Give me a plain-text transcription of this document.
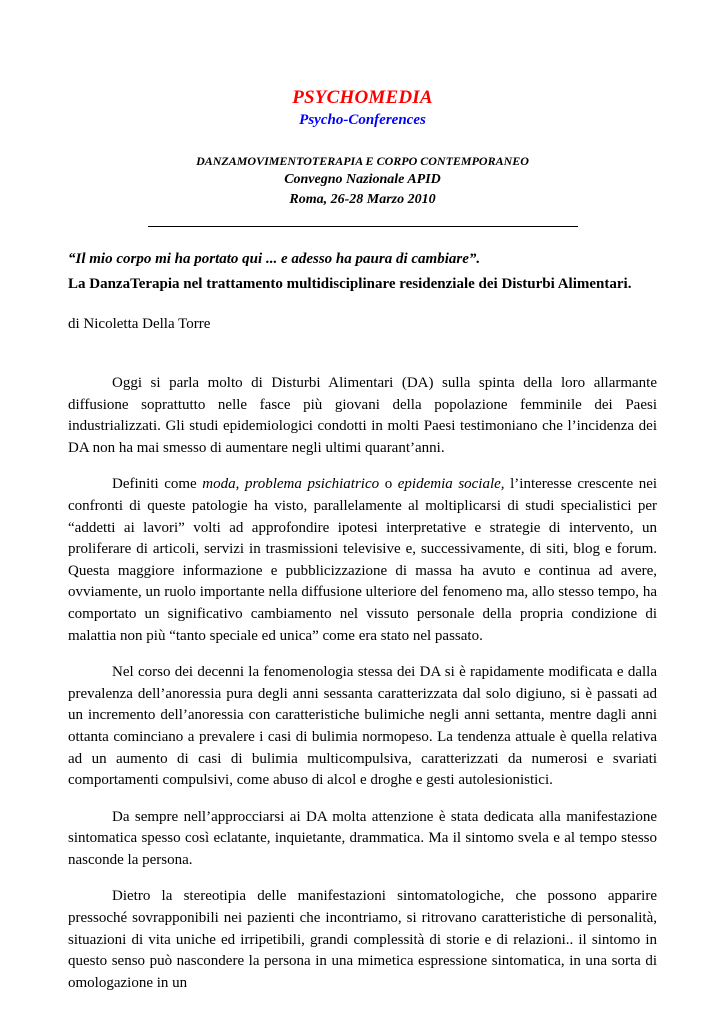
PSYCHOMEDIA

Psycho-Conferences

DANZAMOVIMENTOTERAPIA E CORPO CONTEMPORANEO

Convegno Nazionale APID

Roma, 26-28 Marzo 2010

“Il mio corpo mi ha portato qui ... e adesso ha paura di cambiare”.

La DanzaTerapia nel trattamento multidisciplinare residenziale dei Disturbi Alimentari.

di Nicoletta Della Torre

Oggi si parla molto di Disturbi Alimentari (DA) sulla spinta della loro allarmante diffusione soprattutto nelle fasce più giovani della popolazione femminile dei Paesi industrializzati. Gli studi epidemiologici condotti in molti Paesi testimoniano che l’incidenza dei DA non ha mai smesso di aumentare negli ultimi quarant’anni.

Definiti come moda, problema psichiatrico o epidemia sociale, l’interesse crescente nei confronti di queste patologie ha visto, parallelamente al moltiplicarsi di studi specialistici per “addetti ai lavori” volti ad approfondire ipotesi interpretative e strategie di intervento, un proliferare di articoli, servizi in trasmissioni televisive e, successivamente, di siti, blog e forum. Questa maggiore informazione e pubblicizzazione di massa ha avuto e continua ad avere, ovviamente, un ruolo importante nella diffusione ulteriore del fenomeno ma, allo stesso tempo, ha comportato un significativo cambiamento nel vissuto personale della propria condizione di malattia non più “tanto speciale ed unica” come era stato nel passato.

Nel corso dei decenni la fenomenologia stessa dei DA si è rapidamente modificata e dalla prevalenza dell’anoressia pura degli anni sessanta caratterizzata dal solo digiuno, si è passati ad un incremento dell’anoressia con caratteristiche bulimiche negli anni settanta, mentre dagli anni ottanta cominciano a prevalere i casi di bulimia normopeso. La tendenza attuale è quella relativa ad un aumento di casi di bulimia multicompulsiva, caratterizzati da numerosi e svariati comportamenti compulsivi, come abuso di alcol e droghe e gesti autolesionistici.

Da sempre nell’approcciarsi ai DA molta attenzione è stata dedicata alla manifestazione sintomatica spesso così eclatante, inquietante, drammatica. Ma il sintomo svela e al tempo stesso nasconde la persona.

Dietro la stereotipia delle manifestazioni sintomatologiche, che possono apparire pressoché sovrapponibili nei pazienti che incontriamo, si ritrovano caratteristiche di personalità, situazioni di vita uniche ed irripetibili, grandi complessità di storie e di relazioni.. il sintomo in questo senso può nascondere la persona in una mimetica espressione sintomatica, in una sorta di omologazione in un
